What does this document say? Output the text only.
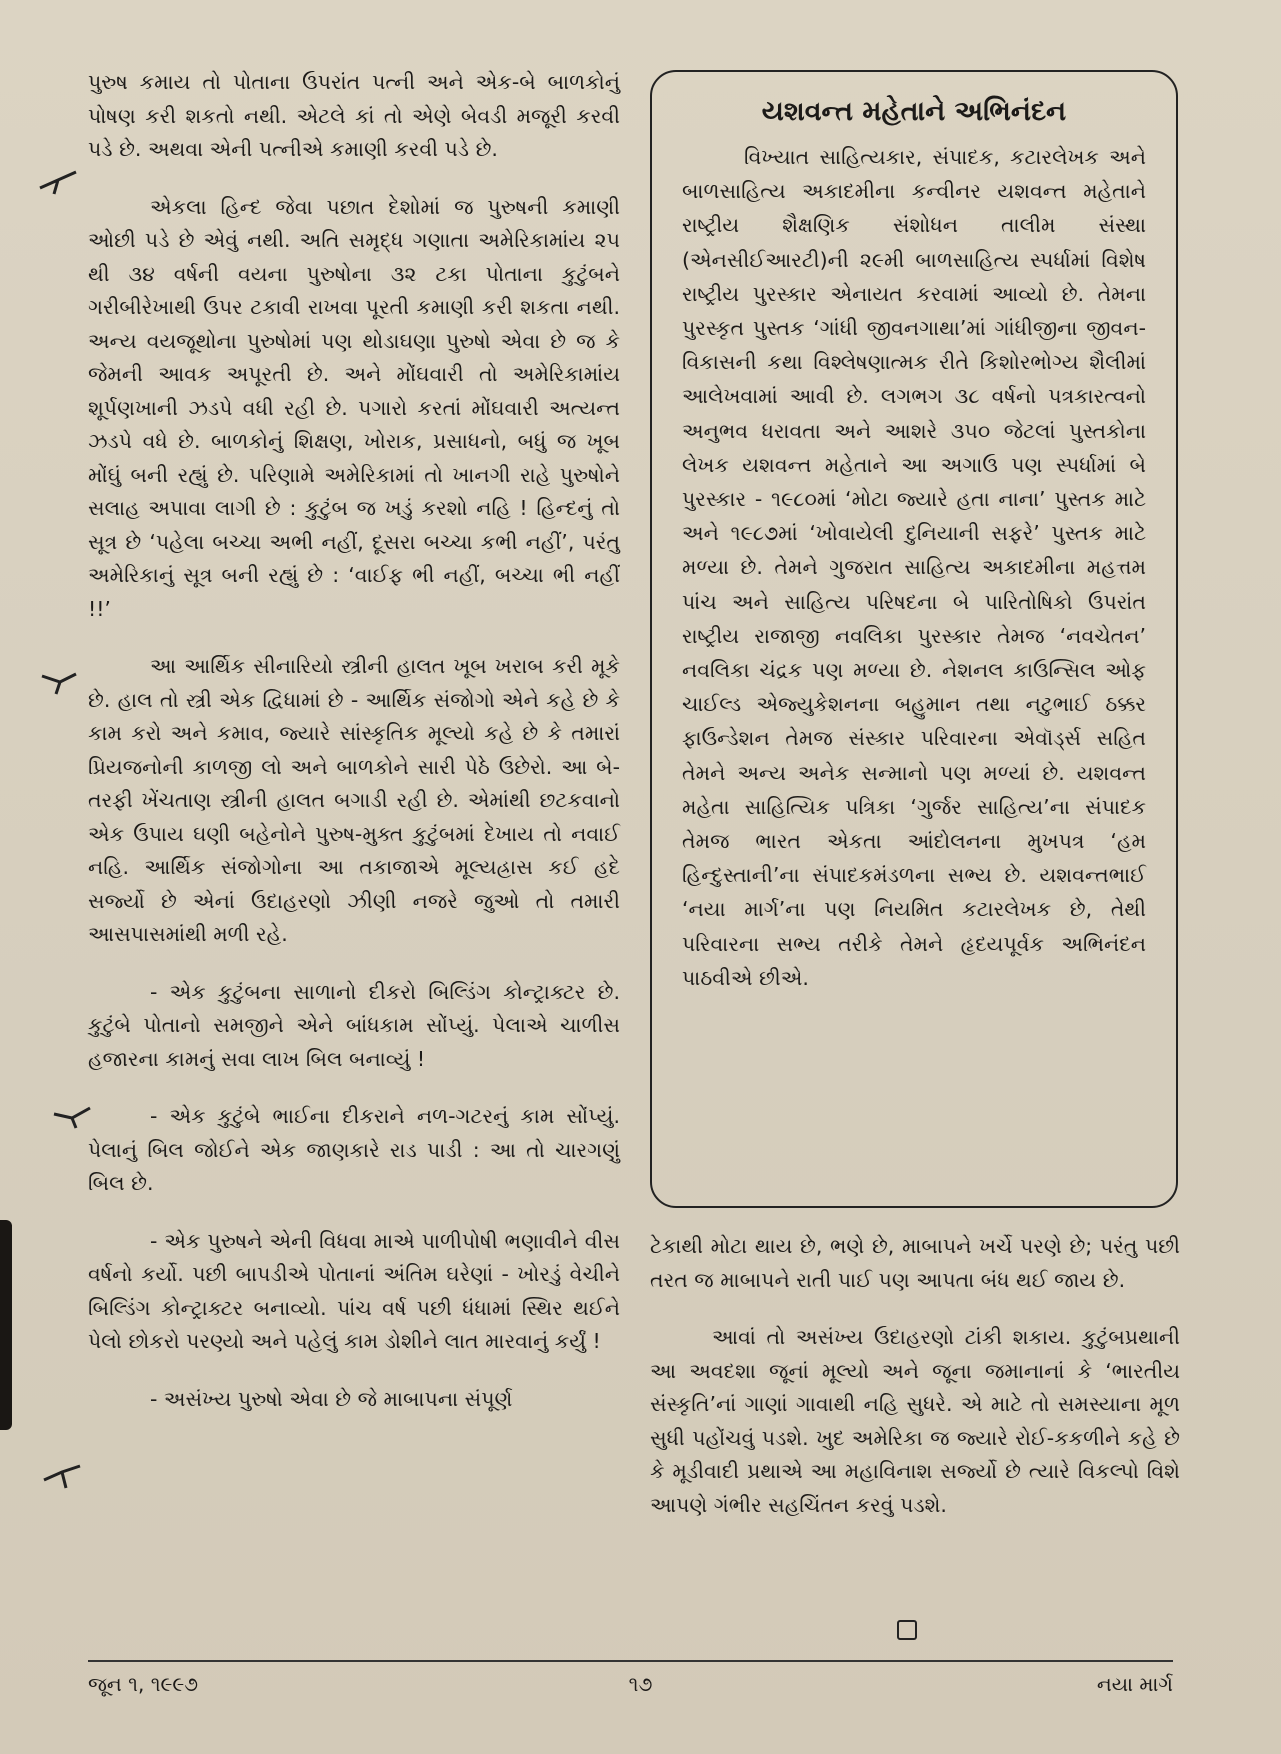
પુરુષ કમાય તો પોતાના ઉપરાંત પત્ની અને એક-બે બાળકોનું પોષણ કરી શકતો નથી. એટલે કાં તો એણે બેવડી મજૂરી કરવી પડે છે. અથવા એની પત્નીએ કમાણી કરવી પડે છે.

એકલા હિન્દ જેવા પછાત દેશોમાં જ પુરુષની કમાણી ઓછી પડે છે એવું નથી. અતિ સમૃદ્ધ ગણાતા અમેરિકામાંય ૨૫ થી ૩૪ વર્ષની વયના પુરુષોના ૩૨ ટકા પોતાના કુટુંબને ગરીબીરેખાથી ઉપર ટકાવી રાખવા પૂરતી કમાણી કરી શકતા નથી. અન્ય વયજૂથોના પુરુષોમાં પણ થોડાઘણા પુરુષો એવા છે જ કે જેમની આવક અપૂરતી છે. અને મોંઘવારી તો અમેરિકામાંય શૂર્પણખાની ઝડપે વધી રહી છે. પગારો કરતાં મોંઘવારી અત્યન્ત ઝડપે વધે છે. બાળકોનું શિક્ષણ, ખોરાક, પ્રસાધનો, બધું જ ખૂબ મોંઘું બની રહ્યું છે. પરિણામે અમેરિકામાં તો ખાનગી રાહે પુરુષોને સલાહ અપાવા લાગી છે : કુટુંબ જ ખડું કરશો નહિ ! હિન્દનું તો સૂત્ર છે ‘પહેલા બચ્ચા અભી નહીં, દૂસરા બચ્ચા કભી નહીં’, પરંતુ અમેરિકાનું સૂત્ર બની રહ્યું છે : ‘વાઈફ ભી નહીં, બચ્ચા ભી નહીં !!’

આ આર્થિક સીનારિયો સ્ત્રીની હાલત ખૂબ ખરાબ કરી મૂકે છે. હાલ તો સ્ત્રી એક દ્વિધામાં છે - આર્થિક સંજોગો એને કહે છે કે કામ કરો અને કમાવ, જ્યારે સાંસ્કૃતિક મૂલ્યો કહે છે કે તમારાં પ્રિયજનોની કાળજી લો અને બાળકોને સારી પેઠે ઉછેરો. આ બે-તરફી ખેંચતાણ સ્ત્રીની હાલત બગાડી રહી છે. એમાંથી છટકવાનો એક ઉપાય ઘણી બહેનોને પુરુષ-મુક્ત કુટુંબમાં દેખાય તો નવાઈ નહિ. આર્થિક સંજોગોના આ તકાજાએ મૂલ્યહ્રાસ કઈ હદે સર્જ્યો છે એનાં ઉદાહરણો ઝીણી નજરે જુઓ તો તમારી આસપાસમાંથી મળી રહે.

- એક કુટુંબના સાળાનો દીકરો બિલ્ડિંગ કોન્ટ્રાક્ટર છે. કુટુંબે પોતાનો સમજીને એને બાંધકામ સોંપ્યું. પેલાએ ચાળીસ હજારના કામનું સવા લાખ બિલ બનાવ્યું !

- એક કુટુંબે ભાઈના દીકરાને નળ-ગટરનું કામ સોંપ્યું. પેલાનું બિલ જોઈને એક જાણકારે રાડ પાડી : આ તો ચારગણું બિલ છે.

- એક પુરુષને એની વિધવા માએ પાળીપોષી ભણાવીને વીસ વર્ષનો કર્યો. પછી બાપડીએ પોતાનાં અંતિમ ઘરેણાં - ખોરડું વેચીને બિલ્ડિંગ કોન્ટ્રાક્ટર બનાવ્યો. પાંચ વર્ષ પછી ધંધામાં સ્થિર થઈને પેલો છોકરો પરણ્યો અને પહેલું કામ ડોશીને લાત મારવાનું કર્યું !

- અસંખ્ય પુરુષો એવા છે જે માબાપના સંપૂર્ણ

યશવન્ત મહેતાને અભિનંદન

વિખ્યાત સાહિત્યકાર, સંપાદક, કટારલેખક અને બાળસાહિત્ય અકાદમીના કન્વીનર યશવન્ત મહેતાને રાષ્ટ્રીય શૈક્ષણિક સંશોધન તાલીમ સંસ્થા (એનસીઈઆરટી)ની ૨૯મી બાળસાહિત્ય સ્પર્ધામાં વિશેષ રાષ્ટ્રીય પુરસ્કાર એનાયત કરવામાં આવ્યો છે. તેમના પુરસ્કૃત પુસ્તક ‘ગાંધી જીવનગાથા’માં ગાંધીજીના જીવન-વિકાસની કથા વિશ્લેષણાત્મક રીતે કિશોરભોગ્ય શૈલીમાં આલેખવામાં આવી છે. લગભગ ૩૮ વર્ષનો પત્રકારત્વનો અનુભવ ધરાવતા અને આશરે ૩૫૦ જેટલાં પુસ્તકોના લેખક યશવન્ત મહેતાને આ અગાઉ પણ સ્પર્ધામાં બે પુરસ્કાર - ૧૯૮૦માં ‘મોટા જ્યારે હતા નાના’ પુસ્તક માટે અને ૧૯૮૭માં ‘ખોવાયેલી દુનિયાની સફરે’ પુસ્તક માટે મળ્યા છે. તેમને ગુજરાત સાહિત્ય અકાદમીના મહત્તમ પાંચ અને સાહિત્ય પરિષદના બે પારિતોષિકો ઉપરાંત રાષ્ટ્રીય રાજાજી નવલિકા પુરસ્કાર તેમજ ‘નવચેતન’ નવલિકા ચંદ્રક પણ મળ્યા છે. નેશનલ કાઉન્સિલ ઓફ ચાઈલ્ડ એજ્યુકેશનના બહુમાન તથા નટુભાઈ ઠક્કર ફાઉન્ડેશન તેમજ સંસ્કાર પરિવારના એવૉર્ડ્સ સહિત તેમને અન્ય અનેક સન્માનો પણ મળ્યાં છે. યશવન્ત મહેતા સાહિત્યિક પત્રિકા ‘ગુર્જર સાહિત્ય’ના સંપાદક તેમજ ભારત એકતા આંદોલનના મુખપત્ર ‘હમ હિન્દુસ્તાની’ના સંપાદકમંડળના સભ્ય છે. યશવન્તભાઈ ‘નયા માર્ગ’ના પણ નિયમિત કટારલેખક છે, તેથી પરિવારના સભ્ય તરીકે તેમને હૃદયપૂર્વક અભિનંદન પાઠવીએ છીએ.

ટેકાથી મોટા થાય છે, ભણે છે, માબાપને ખર્ચે પરણે છે; પરંતુ પછી તરત જ માબાપને રાતી પાઈ પણ આપતા બંધ થઈ જાય છે.

આવાં તો અસંખ્ય ઉદાહરણો ટાંકી શકાય. કુટુંબપ્રથાની આ અવદશા જૂનાં મૂલ્યો અને જૂના જમાનાનાં કે ‘ભારતીય સંસ્કૃતિ’નાં ગાણાં ગાવાથી નહિ સુધરે. એ માટે તો સમસ્યાના મૂળ સુધી પહોંચવું પડશે. ખુદ અમેરિકા જ જ્યારે રોઈ-કકળીને કહે છે કે મૂડીવાદી પ્રથાએ આ મહાવિનાશ સર્જ્યો છે ત્યારે વિકલ્પો વિશે આપણે ગંભીર સહચિંતન કરવું પડશે.

જૂન ૧, ૧૯૯૭	૧૭	નયા માર્ગ
